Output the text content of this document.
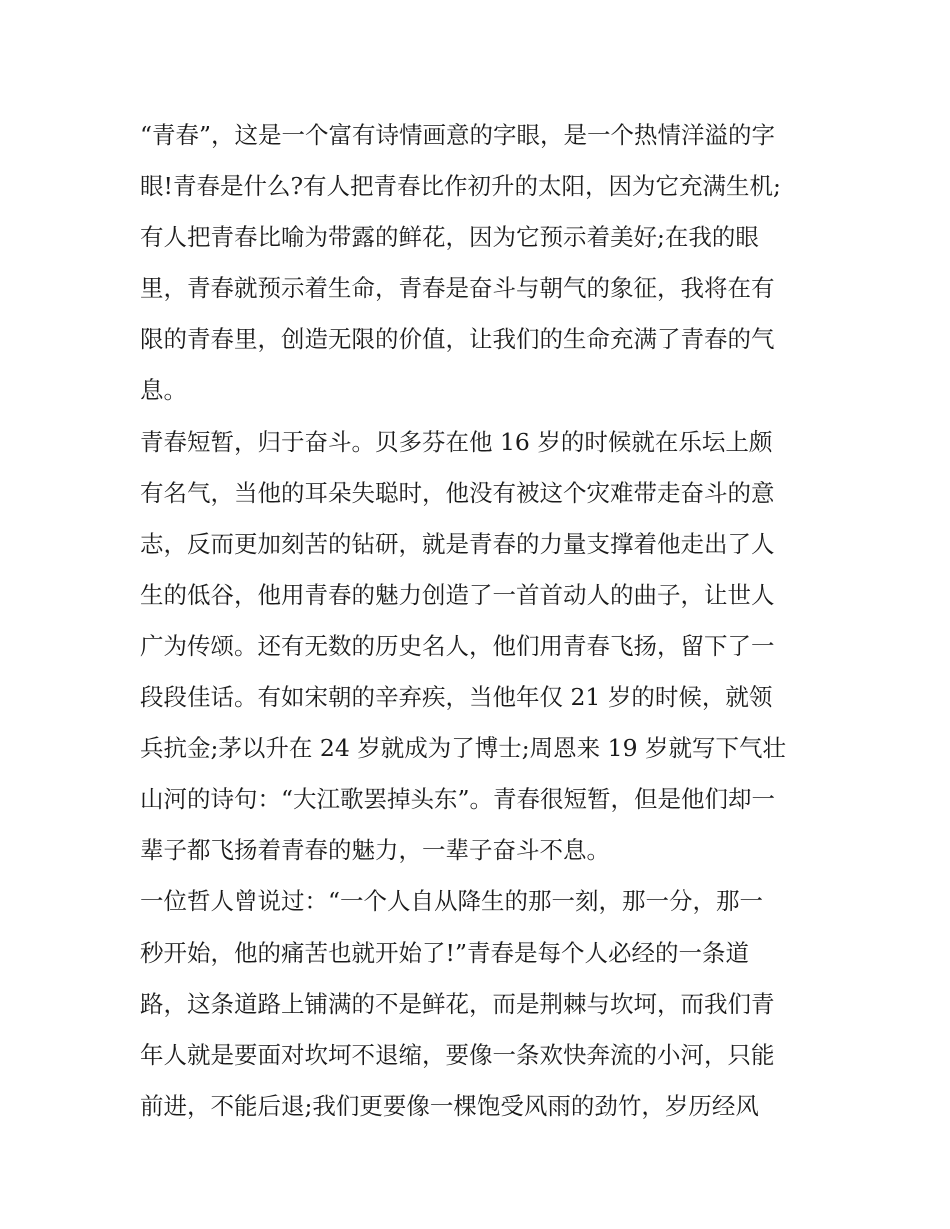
“青春”，这是一个富有诗情画意的字眼，是一个热情洋溢的字
眼!青春是什么?有人把青春比作初升的太阳，因为它充满生机;
有人把青春比喻为带露的鲜花，因为它预示着美好;在我的眼
里，青春就预示着生命，青春是奋斗与朝气的象征，我将在有
限的青春里，创造无限的价值，让我们的生命充满了青春的气
息。
青春短暂，归于奋斗。贝多芬在他 16 岁的时候就在乐坛上颇
有名气，当他的耳朵失聪时，他没有被这个灾难带走奋斗的意
志，反而更加刻苦的钻研，就是青春的力量支撑着他走出了人
生的低谷，他用青春的魅力创造了一首首动人的曲子，让世人
广为传颂。还有无数的历史名人，他们用青春飞扬，留下了一
段段佳话。有如宋朝的辛弃疾，当他年仅 21 岁的时候，就领
兵抗金;茅以升在 24 岁就成为了博士;周恩来 19 岁就写下气壮
山河的诗句：“大江歌罢掉头东”。青春很短暂，但是他们却一
辈子都飞扬着青春的魅力，一辈子奋斗不息。
一位哲人曾说过：“一个人自从降生的那一刻，那一分，那一
秒开始，他的痛苦也就开始了!”青春是每个人必经的一条道
路，这条道路上铺满的不是鲜花，而是荆棘与坎坷，而我们青
年人就是要面对坎坷不退缩，要像一条欢快奔流的小河，只能
前进，不能后退;我们更要像一棵饱受风雨的劲竹，岁历经风
